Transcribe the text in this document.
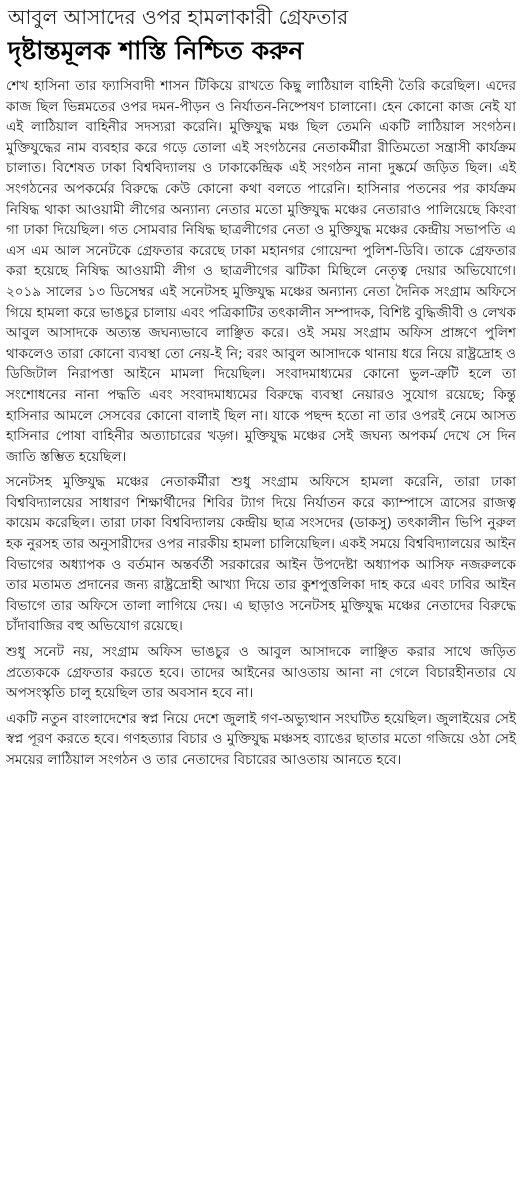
আবুল আসাদের ওপর হামলাকারী গ্রেফতার
দৃষ্টান্তমূলক শাস্তি নিশ্চিত করুন

শেখ হাসিনা তার ফ্যাসিবাদী শাসন টিকিয়ে রাখতে কিছু লাঠিয়াল বাহিনী তৈরি করেছিল। এদের কাজ ছিল ভিন্নমতের ওপর দমন-পীড়ন ও নির্যাতন-নিষ্পেষণ চালানো। হেন কোনো কাজ নেই যা এই লাঠিয়াল বাহিনীর সদস্যরা করেনি। মুক্তিযুদ্ধ মঞ্চ ছিল তেমনি একটি লাঠিয়াল সংগঠন। মুক্তিযুদ্ধের নাম ব্যবহার করে গড়ে তোলা এই সংগঠনের নেতাকর্মীরা রীতিমতো সন্ত্রাসী কার্যক্রম চালাত। বিশেষত ঢাকা বিশ্ববিদ্যালয় ও ঢাকাকেন্দ্রিক এই সংগঠন নানা দুষ্কর্মে জড়িত ছিল। এই সংগঠনের অপকর্মের বিরুদ্ধে কেউ কোনো কথা বলতে পারেনি। হাসিনার পতনের পর কার্যক্রম নিষিদ্ধ থাকা আওয়ামী লীগের অন্যান্য নেতার মতো মুক্তিযুদ্ধ মঞ্চের নেতারাও পালিয়েছে কিংবা গা ঢাকা দিয়েছিল। গত সোমবার নিষিদ্ধ ছাত্রলীগের নেতা ও মুক্তিযুদ্ধ মঞ্চের কেন্দ্রীয় সভাপতি এ এস এম আল সনেটকে গ্রেফতার করেছে ঢাকা মহানগর গোয়েন্দা পুলিশ-ডিবি। তাকে গ্রেফতার করা হয়েছে নিষিদ্ধ আওয়ামী লীগ ও ছাত্রলীগের ঝটিকা মিছিলে নেতৃত্ব দেয়ার অভিযোগে। ২০১৯ সালের ১৩ ডিসেম্বর এই সনেটসহ মুক্তিযুদ্ধ মঞ্চের অন্যান্য নেতা দৈনিক সংগ্রাম অফিসে গিয়ে হামলা করে ভাঙচুর চালায় এবং পত্রিকাটির তৎকালীন সম্পাদক, বিশিষ্ট বুদ্ধিজীবী ও লেখক আবুল আসাদকে অত্যন্ত জঘন্যভাবে লাঞ্ছিত করে। ওই সময় সংগ্রাম অফিস প্রাঙ্গণে পুলিশ থাকলেও তারা কোনো ব্যবস্থা তো নেয়-ই নি; বরং আবুল আসাদকে থানায় ধরে নিয়ে রাষ্ট্রদ্রোহ ও ডিজিটাল নিরাপত্তা আইনে মামলা দিয়েছিল। সংবাদমাধ্যমের কোনো ভুল-ত্রুটি হলে তা সংশোধনের নানা পদ্ধতি এবং সংবাদমাধ্যমের বিরুদ্ধে ব্যবস্থা নেয়ারও সুযোগ রয়েছে; কিন্তু হাসিনার আমলে সেসবের কোনো বালাই ছিল না। যাকে পছন্দ হতো না তার ওপরই নেমে আসত হাসিনার পোষা বাহিনীর অত্যাচারের খড়্গ। মুক্তিযুদ্ধ মঞ্চের সেই জঘন্য অপকর্ম দেখে সে দিন জাতি স্তম্ভিত হয়েছিল।

সনেটসহ মুক্তিযুদ্ধ মঞ্চের নেতাকর্মীরা শুধু সংগ্রাম অফিসে হামলা করেনি, তারা ঢাকা বিশ্ববিদ্যালয়ের সাধারণ শিক্ষার্থীদের শিবির ট্যাগ দিয়ে নির্যাতন করে ক্যাম্পাসে ত্রাসের রাজত্ব কায়েম করেছিল। তারা ঢাকা বিশ্ববিদ্যালয় কেন্দ্রীয় ছাত্র সংসদের (ডাকসু) তৎকালীন ভিপি নুরুল হক নুরসহ তার অনুসারীদের ওপর নারকীয় হামলা চালিয়েছিল। একই সময়ে বিশ্ববিদ্যালয়ের আইন বিভাগের অধ্যাপক ও বর্তমান অন্তর্বর্তী সরকারের আইন উপদেষ্টা অধ্যাপক আসিফ নজরুলকে তার মতামত প্রদানের জন্য রাষ্ট্রদ্রোহী আখ্যা দিয়ে তার কুশপুত্তলিকা দাহ করে এবং ঢাবির আইন বিভাগে তার অফিসে তালা লাগিয়ে দেয়। এ ছাড়াও সনেটসহ মুক্তিযুদ্ধ মঞ্চের নেতাদের বিরুদ্ধে চাঁদাবাজির বহু অভিযোগ রয়েছে।

শুধু সনেট নয়, সংগ্রাম অফিস ভাঙচুর ও আবুল আসাদকে লাঞ্ছিত করার সাথে জড়িত প্রত্যেককে গ্রেফতার করতে হবে। তাদের আইনের আওতায় আনা না গেলে বিচারহীনতার যে অপসংস্কৃতি চালু হয়েছিল তার অবসান হবে না।

একটি নতুন বাংলাদেশের স্বপ্ন নিয়ে দেশে জুলাই গণ-অভ্যুত্থান সংঘটিত হয়েছিল। জুলাইয়ের সেই স্বপ্ন পূরণ করতে হবে। গণহত্যার বিচার ও মুক্তিযুদ্ধ মঞ্চসহ ব্যাঙের ছাতার মতো গজিয়ে ওঠা সেই সময়ের লাঠিয়াল সংগঠন ও তার নেতাদের বিচারের আওতায় আনতে হবে।
